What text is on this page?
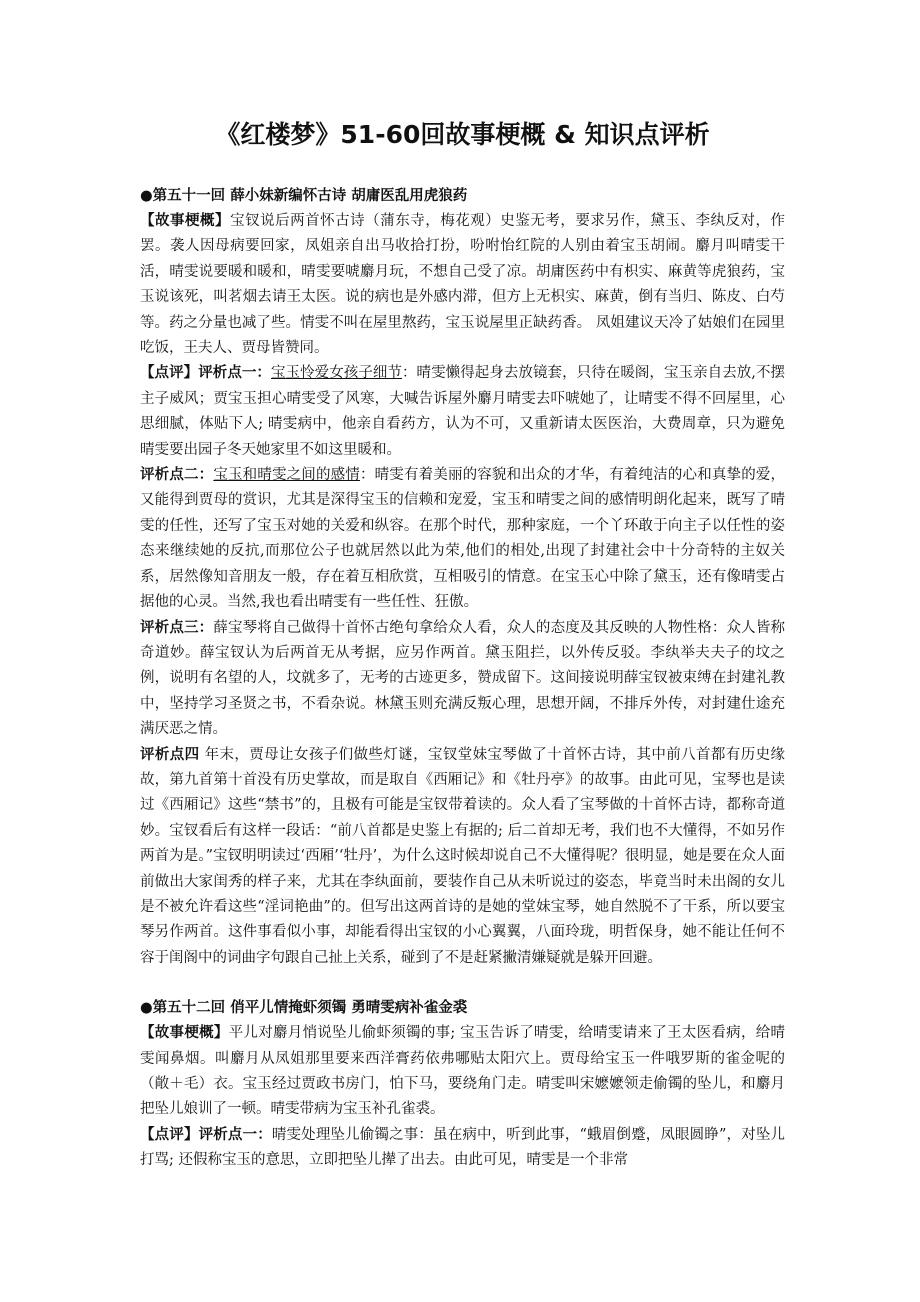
《红楼梦》51-60回故事梗概 & 知识点评析

●第五十一回 薛小妹新编怀古诗 胡庸医乱用虎狼药

【故事梗概】宝钗说后两首怀古诗（蒲东寺，梅花观）史鉴无考，要求另作，黛玉、李纨反对，作罢。袭人因母病要回家，凤姐亲自出马收拾打扮，吩咐怡红院的人别由着宝玉胡闹。麝月叫晴雯干活，晴雯说要暖和暖和，晴雯要唬麝月玩，不想自己受了凉。胡庸医药中有枳实、麻黄等虎狼药，宝玉说该死，叫茗烟去请王太医。说的病也是外感内滞，但方上无枳实、麻黄，倒有当归、陈皮、白芍等。药之分量也减了些。情雯不叫在屋里熬药，宝玉说屋里正缺药香。 凤姐建议天冷了姑娘们在园里吃饭，王夫人、贾母皆赞同。

【点评】评析点一：宝玉怜爱女孩子细节：晴雯懒得起身去放镜套，只待在暖阁，宝玉亲自去放,不摆主子威风；贾宝玉担心晴雯受了风寒，大喊告诉屋外麝月晴雯去吓唬她了，让晴雯不得不回屋里，心思细腻，体贴下人; 晴雯病中，他亲自看药方，认为不可，又重新请太医医治，大费周章，只为避免晴雯要出园子冬天她家里不如这里暖和。

评析点二：宝玉和晴雯之间的感情：晴雯有着美丽的容貌和出众的才华，有着纯洁的心和真挚的爱，又能得到贾母的赏识，尤其是深得宝玉的信赖和宠爱，宝玉和晴雯之间的感情明朗化起来，既写了晴雯的任性，还写了宝玉对她的关爱和纵容。在那个时代，那种家庭，一个丫环敢于向主子以任性的姿态来继续她的反抗,而那位公子也就居然以此为荣,他们的相处,出现了封建社会中十分奇特的主奴关系，居然像知音朋友一般，存在着互相欣赏，互相吸引的情意。在宝玉心中除了黛玉，还有像晴雯占据他的心灵。当然,我也看出晴雯有一些任性、狂傲。

评析点三：薛宝琴将自己做得十首怀古绝句拿给众人看，众人的态度及其反映的人物性格：众人皆称奇道妙。薛宝钗认为后两首无从考据，应另作两首。黛玉阻拦，以外传反驳。李纨举夫夫子的坟之例，说明有名望的人，坟就多了，无考的古迹更多，赞成留下。这间接说明薛宝钗被束缚在封建礼教中，坚持学习圣贤之书，不看杂说。林黛玉则充满反叛心理，思想开阔，不排斥外传，对封建仕途充满厌恶之情。

评析点四 年末，贾母让女孩子们做些灯谜，宝钗堂妹宝琴做了十首怀古诗，其中前八首都有历史缘故，第九首第十首没有历史掌故，而是取自《西厢记》和《牡丹亭》的故事。由此可见，宝琴也是读过《西厢记》这些“禁书”的，且极有可能是宝钗带着读的。众人看了宝琴做的十首怀古诗，都称奇道妙。宝钗看后有这样一段话：“前八首都是史鉴上有据的; 后二首却无考，我们也不大懂得，不如另作两首为是。”宝钗明明读过‘西厢’‘牡丹’，为什么这时候却说自己不大懂得呢？很明显，她是要在众人面前做出大家闺秀的样子来，尤其在李纨面前，要装作自己从未听说过的姿态，毕竟当时未出阁的女儿是不被允许看这些“淫词艳曲”的。但写出这两首诗的是她的堂妹宝琴，她自然脱不了干系，所以要宝琴另作两首。这件事看似小事，却能看得出宝钗的小心翼翼，八面玲珑，明哲保身，她不能让任何不容于闺阁中的词曲字句跟自己扯上关系，碰到了不是赶紧撇清嫌疑就是躲开回避。

●第五十二回 俏平儿情掩虾须镯 勇晴雯病补雀金裘

【故事梗概】平儿对麝月悄说坠儿偷虾须镯的事; 宝玉告诉了晴雯，给晴雯请来了王太医看病，给晴雯闻鼻烟。叫麝月从凤姐那里要来西洋膏药依弗哪贴太阳穴上。贾母给宝玉一件哦罗斯的雀金呢的（敞＋毛）衣。宝玉经过贾政书房门，怕下马，要绕角门走。晴雯叫宋嬷嬷领走偷镯的坠儿，和麝月把坠儿娘训了一顿。晴雯带病为宝玉补孔雀裘。

【点评】评析点一：晴雯处理坠儿偷镯之事：虽在病中，听到此事，“蛾眉倒蹙，凤眼圆睁”，对坠儿打骂; 还假称宝玉的意思，立即把坠儿撵了出去。由此可见，晴雯是一个非常
